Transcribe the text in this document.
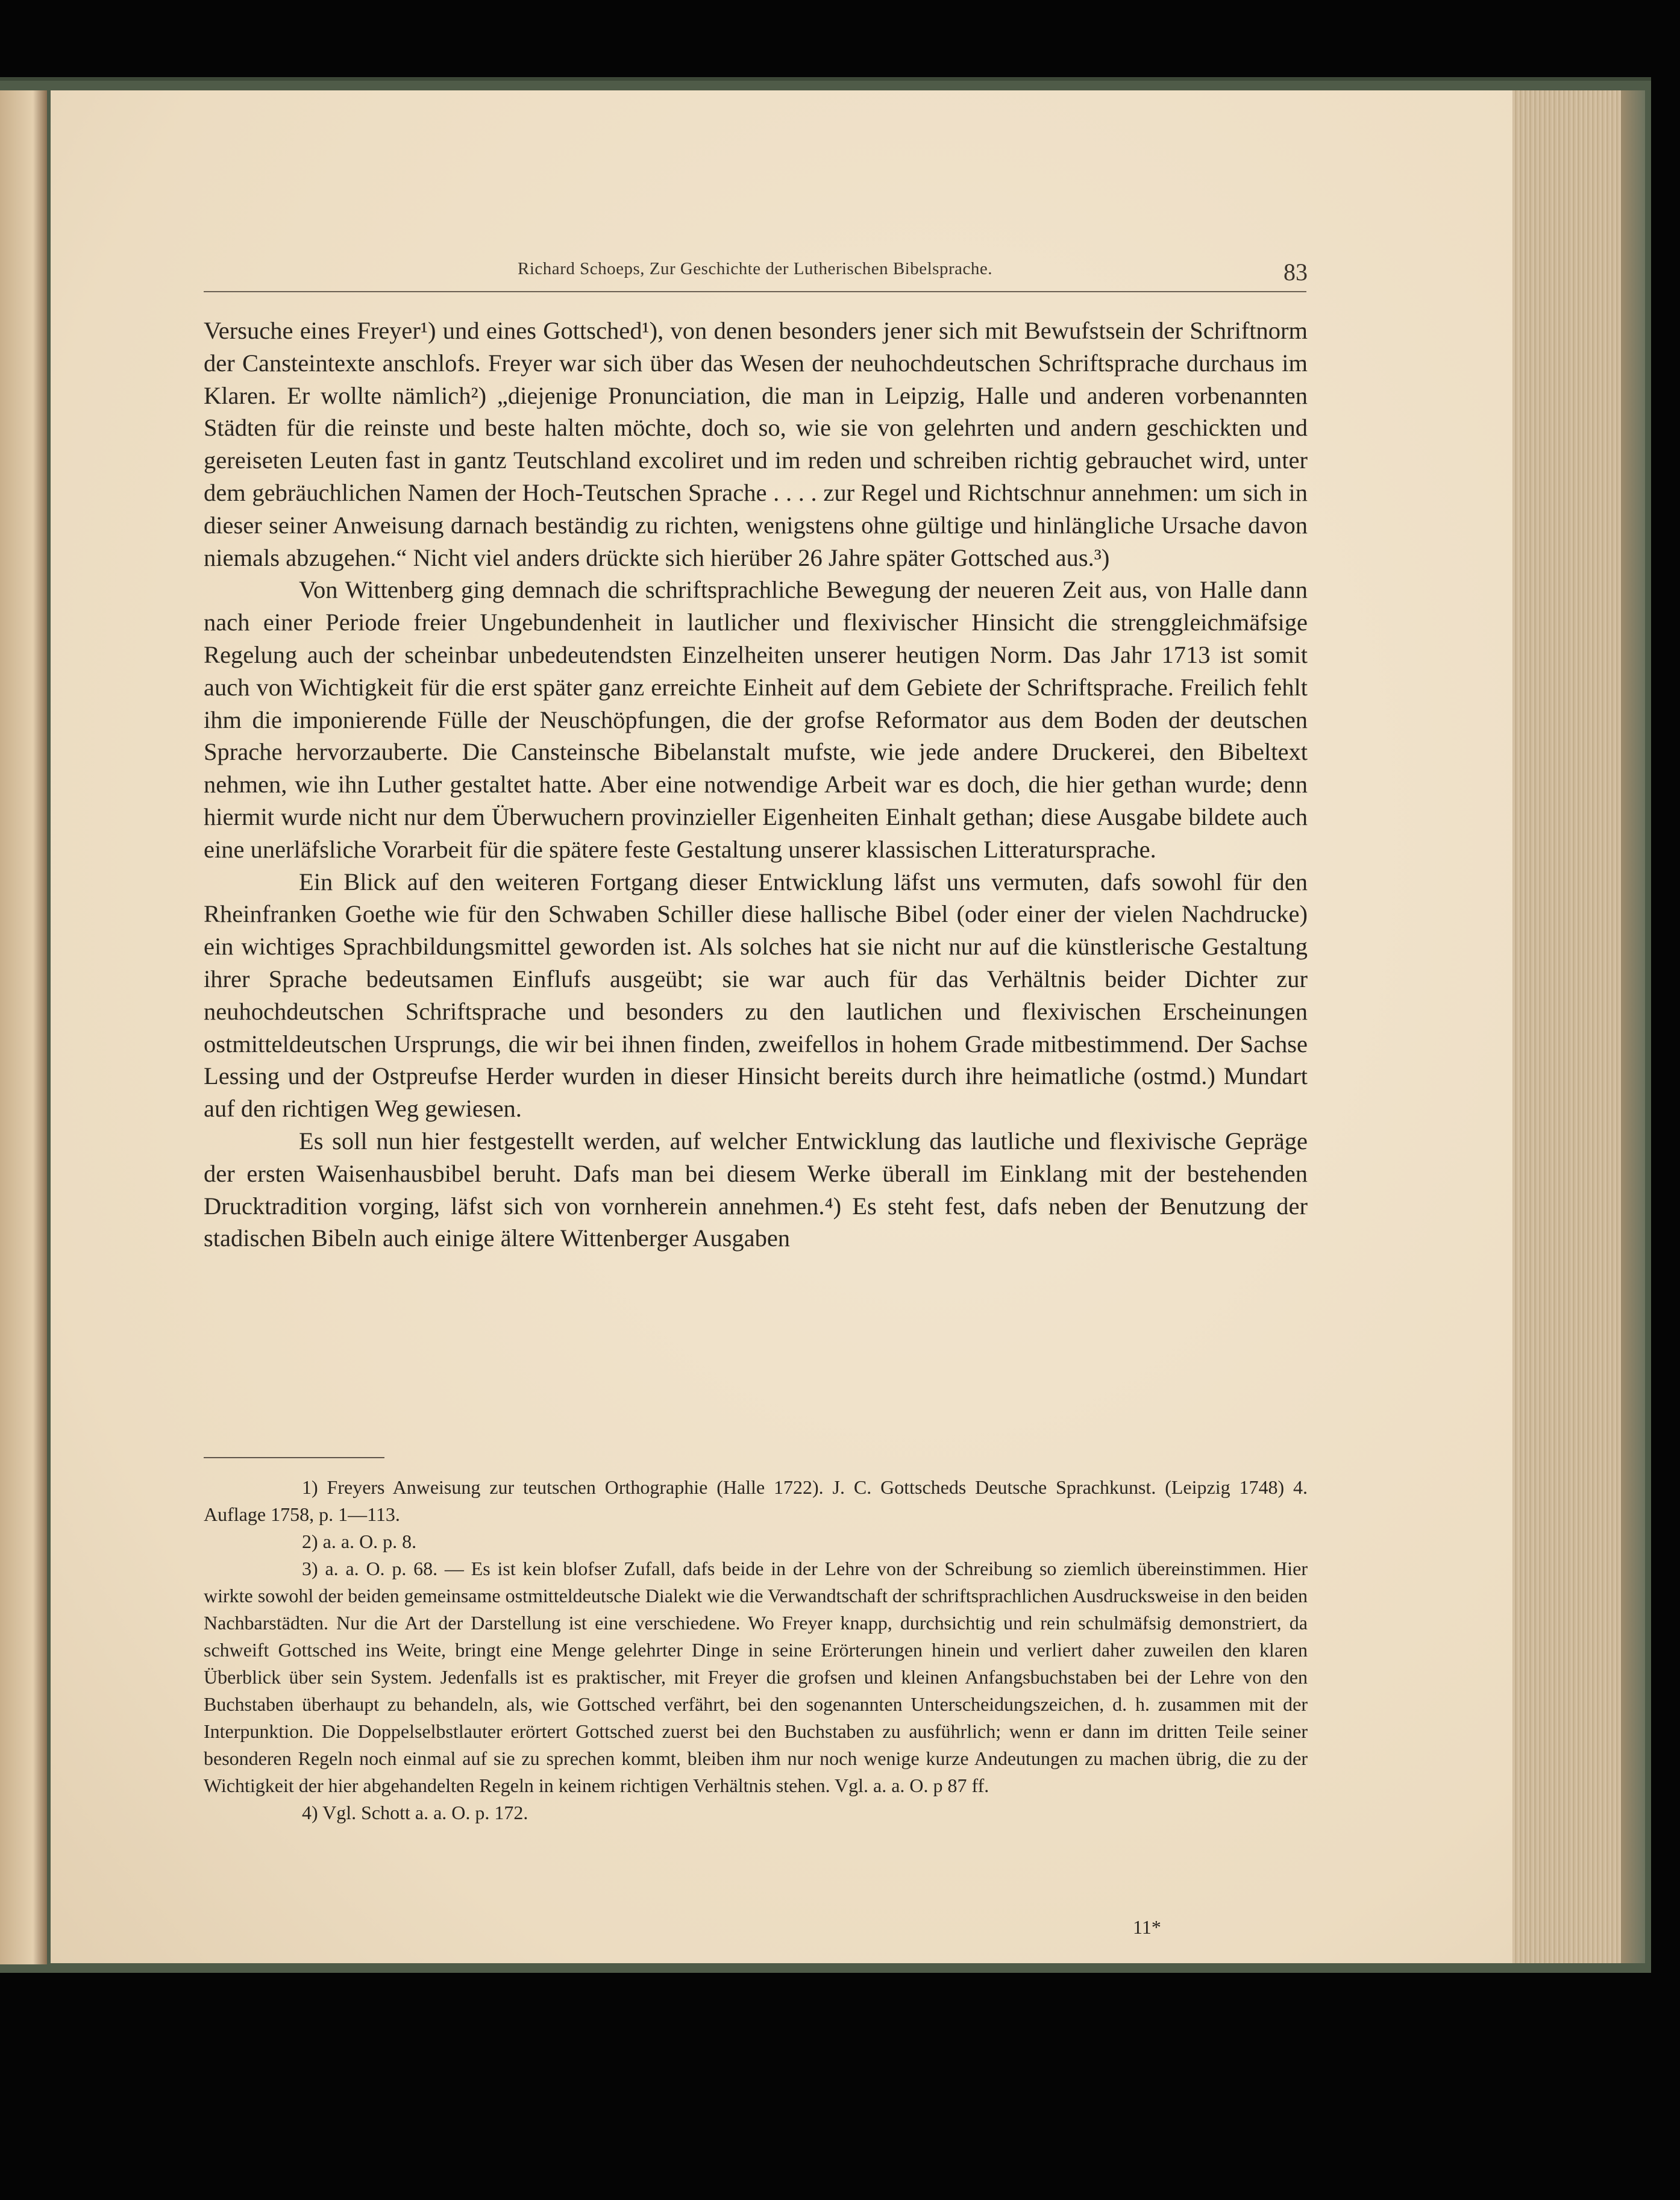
Richard Schoeps, Zur Geschichte der Lutherischen Bibelsprache.	83

Versuche eines Freyer¹) und eines Gottsched¹), von denen besonders jener sich mit Bewufstsein der Schriftnorm der Cansteintexte anschlofs. Freyer war sich über das Wesen der neuhochdeutschen Schriftsprache durchaus im Klaren. Er wollte nämlich²) „diejenige Pronunciation, die man in Leipzig, Halle und anderen vorbenannten Städten für die reinste und beste halten möchte, doch so, wie sie von gelehrten und andern geschickten und gereiseten Leuten fast in gantz Teutschland excoliret und im reden und schreiben richtig gebrauchet wird, unter dem gebräuchlichen Namen der Hoch-Teutschen Sprache . . . . zur Regel und Richtschnur annehmen: um sich in dieser seiner Anweisung darnach beständig zu richten, wenigstens ohne gültige und hinlängliche Ursache davon niemals abzugehen.“ Nicht viel anders drückte sich hierüber 26 Jahre später Gottsched aus.³)

Von Wittenberg ging demnach die schriftsprachliche Bewegung der neueren Zeit aus, von Halle dann nach einer Periode freier Ungebundenheit in lautlicher und flexivischer Hinsicht die strenggleichmäfsige Regelung auch der scheinbar unbedeutendsten Einzelheiten unserer heutigen Norm. Das Jahr 1713 ist somit auch von Wichtigkeit für die erst später ganz erreichte Einheit auf dem Gebiete der Schriftsprache. Freilich fehlt ihm die imponierende Fülle der Neuschöpfungen, die der grofse Reformator aus dem Boden der deutschen Sprache hervorzauberte. Die Cansteinsche Bibelanstalt mufste, wie jede andere Druckerei, den Bibeltext nehmen, wie ihn Luther gestaltet hatte. Aber eine notwendige Arbeit war es doch, die hier gethan wurde; denn hiermit wurde nicht nur dem Überwuchern provinzieller Eigenheiten Einhalt gethan; diese Ausgabe bildete auch eine unerläfsliche Vorarbeit für die spätere feste Gestaltung unserer klassischen Litteratursprache.

Ein Blick auf den weiteren Fortgang dieser Entwicklung läfst uns vermuten, dafs sowohl für den Rheinfranken Goethe wie für den Schwaben Schiller diese hallische Bibel (oder einer der vielen Nachdrucke) ein wichtiges Sprachbildungsmittel geworden ist. Als solches hat sie nicht nur auf die künstlerische Gestaltung ihrer Sprache bedeutsamen Einflufs ausgeübt; sie war auch für das Verhältnis beider Dichter zur neuhochdeutschen Schriftsprache und besonders zu den lautlichen und flexivischen Erscheinungen ostmitteldeutschen Ursprungs, die wir bei ihnen finden, zweifellos in hohem Grade mitbestimmend. Der Sachse Lessing und der Ostpreufse Herder wurden in dieser Hinsicht bereits durch ihre heimatliche (ostmd.) Mundart auf den richtigen Weg gewiesen.

Es soll nun hier festgestellt werden, auf welcher Entwicklung das lautliche und flexivische Gepräge der ersten Waisenhausbibel beruht. Dafs man bei diesem Werke überall im Einklang mit der bestehenden Drucktradition vorging, läfst sich von vornherein annehmen.⁴) Es steht fest, dafs neben der Benutzung der stadischen Bibeln auch einige ältere Wittenberger Ausgaben

1) Freyers Anweisung zur teutschen Orthographie (Halle 1722). J. C. Gottscheds Deutsche Sprachkunst. (Leipzig 1748) 4. Auflage 1758, p. 1—113.

2) a. a. O. p. 8.

3) a. a. O. p. 68. — Es ist kein blofser Zufall, dafs beide in der Lehre von der Schreibung so ziemlich übereinstimmen. Hier wirkte sowohl der beiden gemeinsame ostmitteldeutsche Dialekt wie die Verwandtschaft der schriftsprachlichen Ausdrucksweise in den beiden Nachbarstädten. Nur die Art der Darstellung ist eine verschiedene. Wo Freyer knapp, durchsichtig und rein schulmäfsig demonstriert, da schweift Gottsched ins Weite, bringt eine Menge gelehrter Dinge in seine Erörterungen hinein und verliert daher zuweilen den klaren Überblick über sein System. Jedenfalls ist es praktischer, mit Freyer die grofsen und kleinen Anfangsbuchstaben bei der Lehre von den Buchstaben überhaupt zu behandeln, als, wie Gottsched verfährt, bei den sogenannten Unterscheidungszeichen, d. h. zusammen mit der Interpunktion. Die Doppelselbstlauter erörtert Gottsched zuerst bei den Buchstaben zu ausführlich; wenn er dann im dritten Teile seiner besonderen Regeln noch einmal auf sie zu sprechen kommt, bleiben ihm nur noch wenige kurze Andeutungen zu machen übrig, die zu der Wichtigkeit der hier abgehandelten Regeln in keinem richtigen Verhältnis stehen. Vgl. a. a. O. p 87 ff.

4) Vgl. Schott a. a. O. p. 172.

11*
